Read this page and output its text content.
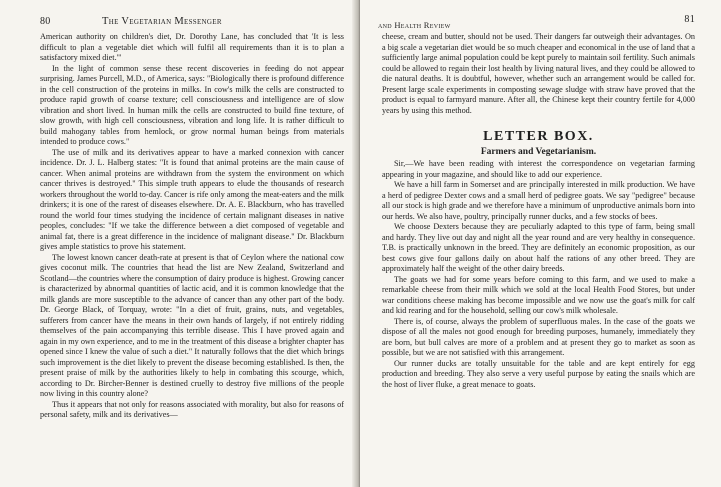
80	The Vegetarian Messenger

American authority on children's diet, Dr. Dorothy Lane, has concluded that 'It is less difficult to plan a vegetable diet which will fulfil all requirements than it is to plan a satisfactory mixed diet.'"

In the light of common sense these recent discoveries in feeding do not appear surprising. James Purcell, M.D., of America, says: "Biologically there is profound difference in the cell construction of the proteins in milks. In cow's milk the cells are constructed to produce rapid growth of coarse texture; cell consciousness and intelligence are of slow vibration and short lived. In human milk the cells are constructed to build fine texture, of slow growth, with high cell consciousness, vibration and long life. It is rather difficult to build mahogany tables from hemlock, or grow normal human beings from materials intended to produce cows."

The use of milk and its derivatives appear to have a marked connexion with cancer incidence. Dr. J. L. Halberg states: "It is found that animal proteins are the main cause of cancer. When animal proteins are withdrawn from the system the environment on which cancer thrives is destroyed." This simple truth appears to elude the thousands of research workers throughout the world to-day. Cancer is rife only among the meat-eaters and the milk drinkers; it is one of the rarest of diseases elsewhere. Dr. A. E. Blackburn, who has travelled round the world four times studying the incidence of certain malignant diseases in native peoples, concludes: "If we take the difference between a diet composed of vegetable and animal fat, there is a great difference in the incidence of malignant disease." Dr. Blackburn gives ample statistics to prove his statement.

The lowest known cancer death-rate at present is that of Ceylon where the national cow gives coconut milk. The countries that head the list are New Zealand, Switzerland and Scotland—the countries where the consumption of dairy produce is highest. Growing cancer is characterized by abnormal quantities of lactic acid, and it is common knowledge that the milk glands are more susceptible to the advance of cancer than any other part of the body. Dr. George Black, of Torquay, wrote: "In a diet of fruit, grains, nuts, and vegetables, sufferers from cancer have the means in their own hands of largely, if not entirely ridding themselves of the pain accompanying this terrible disease. This I have proved again and again in my own experience, and to me in the treatment of this disease a brighter chapter has opened since I knew the value of such a diet." It naturally follows that the diet which brings such improvement is the diet likely to prevent the disease becoming established. Is then, the present praise of milk by the authorities likely to help in combating this scourge, which, according to Dr. Bircher-Benner is destined cruelly to destroy five millions of the people now living in this country alone?

Thus it appears that not only for reasons associated with morality, but also for reasons of personal safety, milk and its derivatives—

and Health Review	81

cheese, cream and butter, should not be used. Their dangers far outweigh their advantages. On a big scale a vegetarian diet would be so much cheaper and economical in the use of land that a sufficiently large animal population could be kept purely to maintain soil fertility. Such animals could be allowed to regain their lost health by living natural lives, and they could be allowed to die natural deaths. It is doubtful, however, whether such an arrangement would be called for. Present large scale experiments in composting sewage sludge with straw have proved that the product is equal to farmyard manure. After all, the Chinese kept their country fertile for 4,000 years by using this method.

LETTER BOX.
Farmers and Vegetarianism.

Sir,—We have been reading with interest the correspondence on vegetarian farming appearing in your magazine, and should like to add our experience.

We have a hill farm in Somerset and are principally interested in milk production. We have a herd of pedigree Dexter cows and a small herd of pedigree goats. We say "pedigree" because all our stock is high grade and we therefore have a minimum of unproductive animals born into our herds. We also have, poultry, principally runner ducks, and a few stocks of bees.

We choose Dexters because they are peculiarly adapted to this type of farm, being small and hardy. They live out day and night all the year round and are very healthy in consequence. T.B. is practically unknown in the breed. They are definitely an economic proposition, as our best cows give four gallons daily on about half the rations of any other breed. They are approximately half the weight of the other dairy breeds.

The goats we had for some years before coming to this farm, and we used to make a remarkable cheese from their milk which we sold at the local Health Food Stores, but under war conditions cheese making has become impossible and we now use the goat's milk for calf and kid rearing and for the household, selling our cow's milk wholesale.

There is, of course, always the problem of superfluous males. In the case of the goats we dispose of all the males not good enough for breeding purposes, humanely, immediately they are born, but bull calves are more of a problem and at present they go to market as soon as possible, but we are not satisfied with this arrangement.

Our runner ducks are totally unsuitable for the table and are kept entirely for egg production and breeding. They also serve a very useful purpose by eating the snails which are the host of liver fluke, a great menace to goats.
